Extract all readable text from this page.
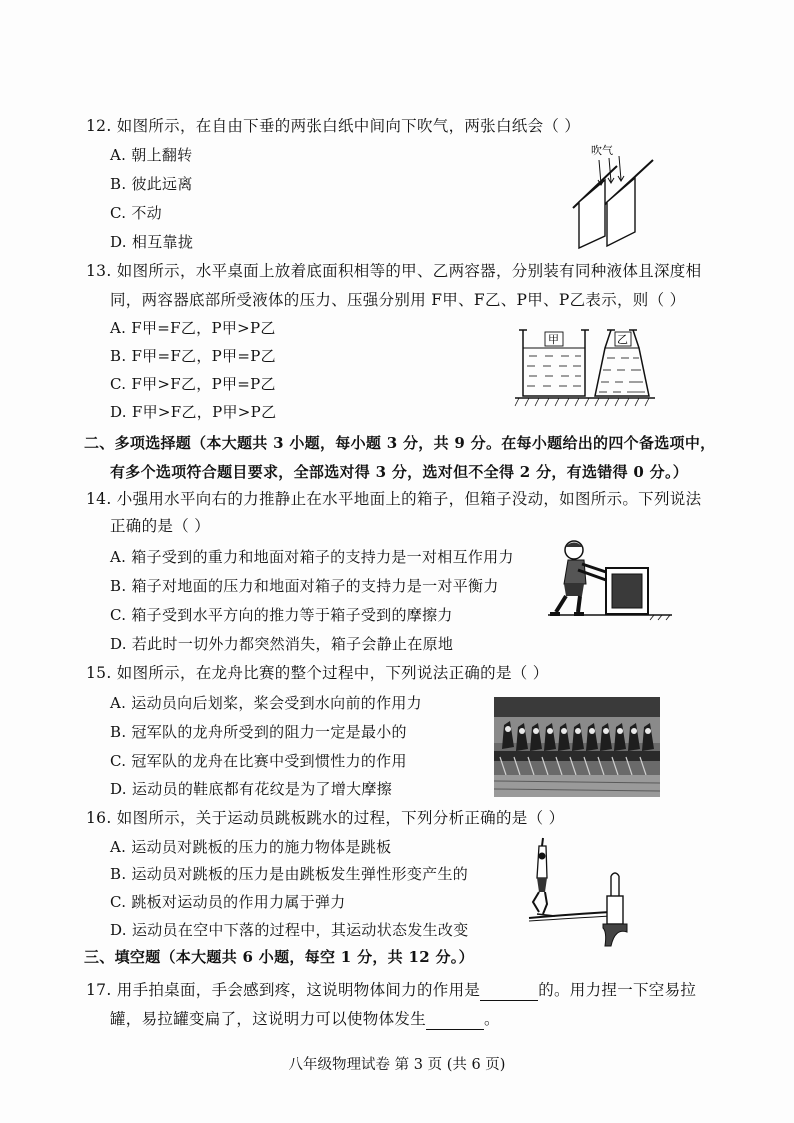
12. 如图所示，在自由下垂的两张白纸中间向下吹气，两张白纸会（ ）
A. 朝上翻转
B. 彼此远离
C. 不动
D. 相互靠拢
吹气
13. 如图所示，水平桌面上放着底面积相等的甲、乙两容器，分别装有同种液体且深度相
同，两容器底部所受液体的压力、压强分别用 F甲、F乙、P甲、P乙表示，则（ ）
A. F甲=F乙，P甲>P乙
B. F甲=F乙，P甲=P乙
C. F甲>F乙，P甲=P乙
D. F甲>F乙，P甲>P乙
甲	乙
二、多项选择题（本大题共 3 小题，每小题 3 分，共 9 分。在每小题给出的四个备选项中，
有多个选项符合题目要求，全部选对得 3 分，选对但不全得 2 分，有选错得 0 分。）
14. 小强用水平向右的力推静止在水平地面上的箱子，但箱子没动，如图所示。下列说法
正确的是（ ）
A. 箱子受到的重力和地面对箱子的支持力是一对相互作用力
B. 箱子对地面的压力和地面对箱子的支持力是一对平衡力
C. 箱子受到水平方向的推力等于箱子受到的摩擦力
D. 若此时一切外力都突然消失，箱子会静止在原地
15. 如图所示，在龙舟比赛的整个过程中，下列说法正确的是（ ）
A. 运动员向后划桨，桨会受到水向前的作用力
B. 冠军队的龙舟所受到的阻力一定是最小的
C. 冠军队的龙舟在比赛中受到惯性力的作用
D. 运动员的鞋底都有花纹是为了增大摩擦
16. 如图所示，关于运动员跳板跳水的过程，下列分析正确的是（ ）
A. 运动员对跳板的压力的施力物体是跳板
B. 运动员对跳板的压力是由跳板发生弹性形变产生的
C. 跳板对运动员的作用力属于弹力
D. 运动员在空中下落的过程中，其运动状态发生改变
三、填空题（本大题共 6 小题，每空 1 分，共 12 分。）
17. 用手拍桌面，手会感到疼，这说明物体间力的作用是	的。用力捏一下空易拉
罐，易拉罐变扁了，这说明力可以使物体发生	。
八年级物理试卷 第 3 页 (共 6 页)
